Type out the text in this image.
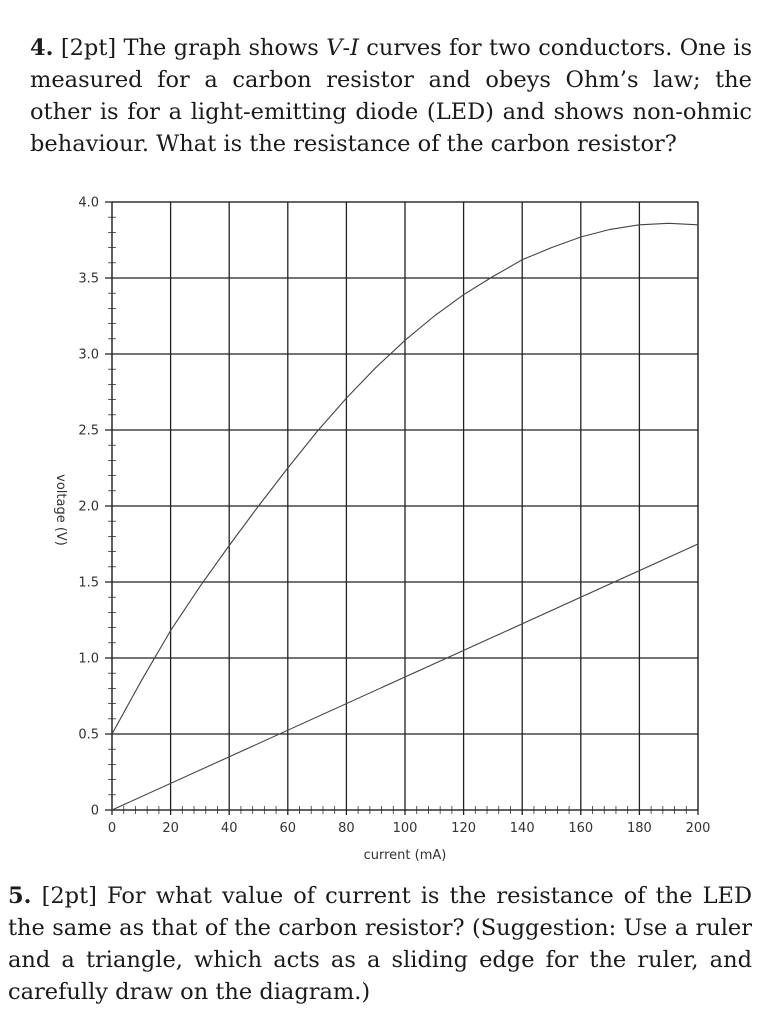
4. [2pt] The graph shows V-I curves for two conductors. One is measured for a carbon resistor and obeys Ohm’s law; the other is for a light-emitting diode (LED) and shows non-ohmic behaviour. What is the resistance of the carbon resistor?

0	20	40	60	80	100	120	140	160	180	200
0
0.5
1.0
1.5
2.0
2.5
3.0
3.5
4.0
current (mA)
voltage (V)

5. [2pt] For what value of current is the resistance of the LED the same as that of the carbon resistor? (Suggestion: Use a ruler and a triangle, which acts as a sliding edge for the ruler, and carefully draw on the diagram.)
